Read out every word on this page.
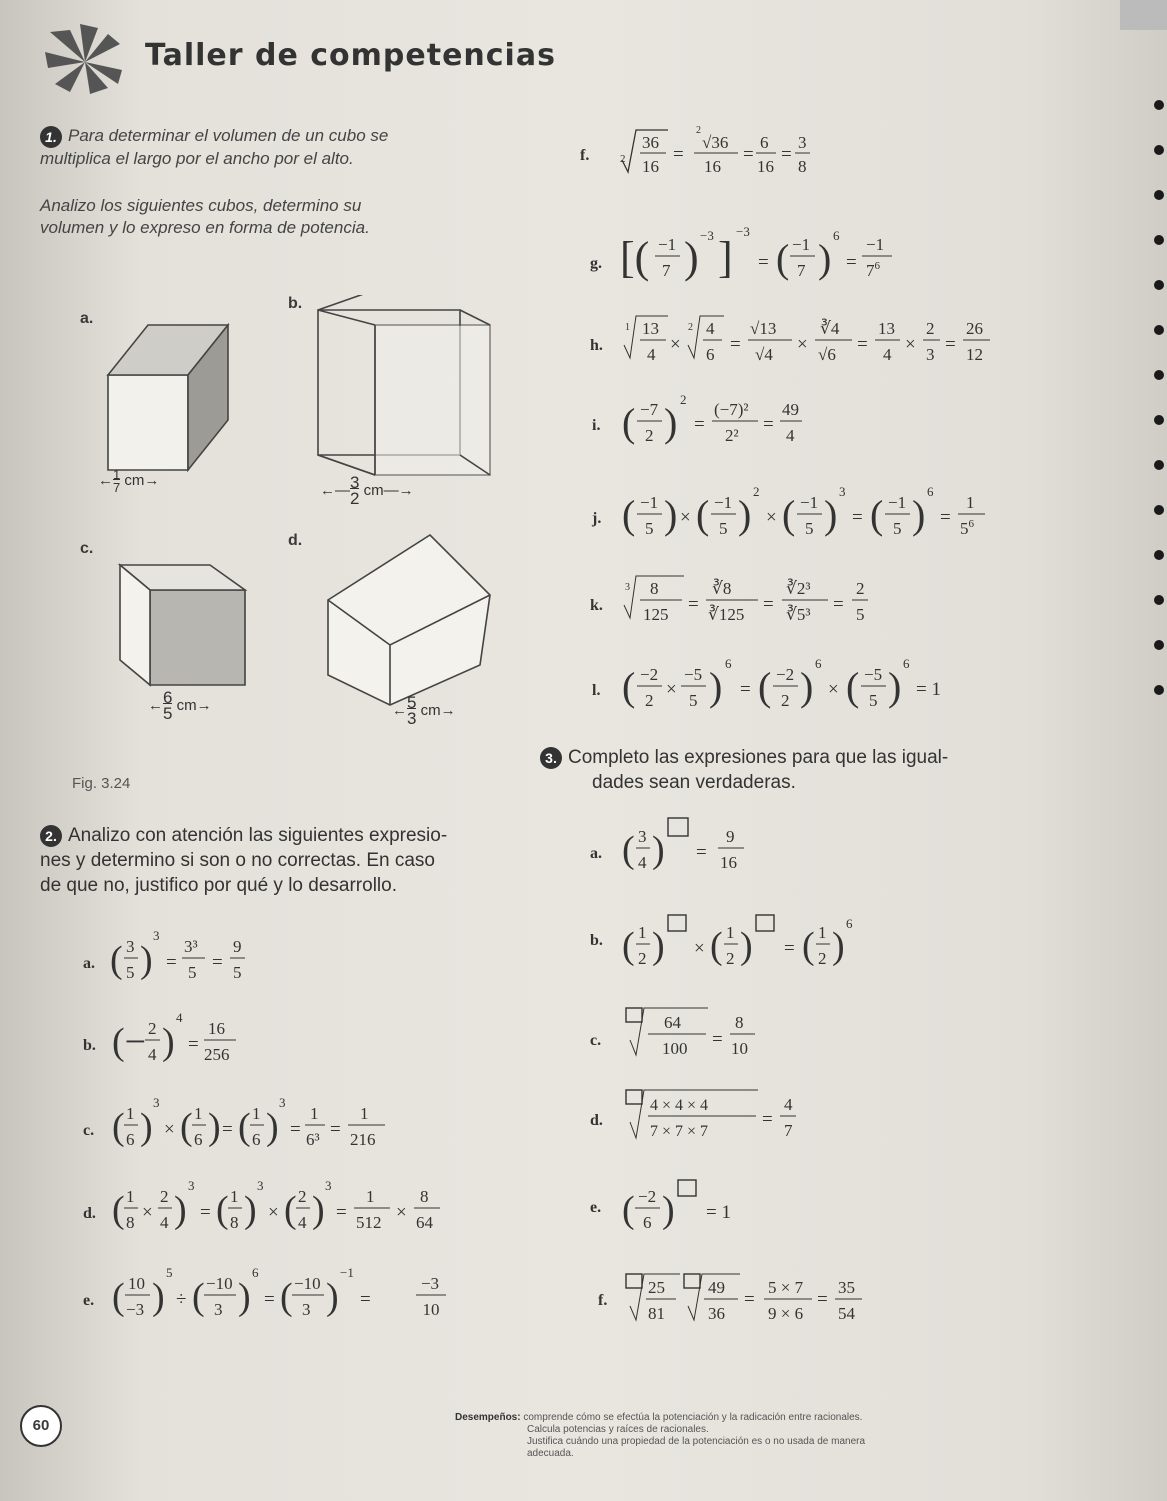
Taller de competencias
1. Para determinar el volumen de un cubo se
multiplica el largo por el ancho por el alto.
Analizo los siguientes cubos, determino su
volumen y lo expreso en forma de potencia.
a.
b.
c.	d.
$\leftarrow\frac{1}{7} cm\to$
$\leftarrow—\frac{3}{2}$ cm—→
$\leftarrow\frac{6}{5} cm\to$	$\leftarrow\frac{5}{3} cm\to$
Fig. 3.24
2. Analizo con atención las siguientes expresio-
nes y determino si son o no correctas. En caso
de que no, justifico por qué y lo desarrollo.
f.	2
36
16
=
2
√36
16
=
6
16
=
3
8
g. [( −1
7 ) −3 ]
−3
= ( −1
7 )
6
=
−1
$7^6$
h.
1 13
4 ×
2 4
6 =
√13
√4 ×
∛4
√6 =
13
4 ×
2
3 =
26
12
i. ( −7
2 )
2
=
(−7)²
2²
=
49
4
j. ( −1
5 ) × ( −1
5 )
2
× ( −1
5 )
3
= ( −1
5 )
6
=
1
$5^6$
k.
3 8
125 =
∛8
∛125 =
∛2³
∛5³ =
2
5
l. ( −2
2
×
−5
5 )
6
= ( −2
2 )
6
× ( −5
5 )
6
= 1
a. ( 3
5 )
3
=
3³
5 =
9
5
b. (− 2
4 )
4
=
16
256
c. ( 1
6 )
3
× ( 1
6 ) = ( 1
6 )
3
=
1
6³ =
1
216
d. ( 1
8 ×
2
4 )
3
= ( 1
8 )
3
× ( 2
4 )
3
=
1
512 ×
8
64
e. ( 10
−3 )
5
÷ ( −10
3 )
6
= ( −10
3 )
−1
=
−3
10
a. ( 3
4 ) =
9
16
b. ( 1
2 ) × ( 1
2 ) = ( 1
2 )
6
c.
64
100 =
8
10
d.
4 × 4 × 4
7 × 7 × 7
=
4
7
e. ( −2
6 ) = 1
f.
25
81
49
36
=
5 × 7
9 × 6
=
35
54
3. Completo las expresiones para que las igual-
dades sean verdaderas.
60	Desempeños: comprende cómo se efectúa la potenciación y la radicación entre racionales.
Calcula potencias y raíces de racionales.
Justifica cuándo una propiedad de la potenciación es o no usada de manera
adecuada.
